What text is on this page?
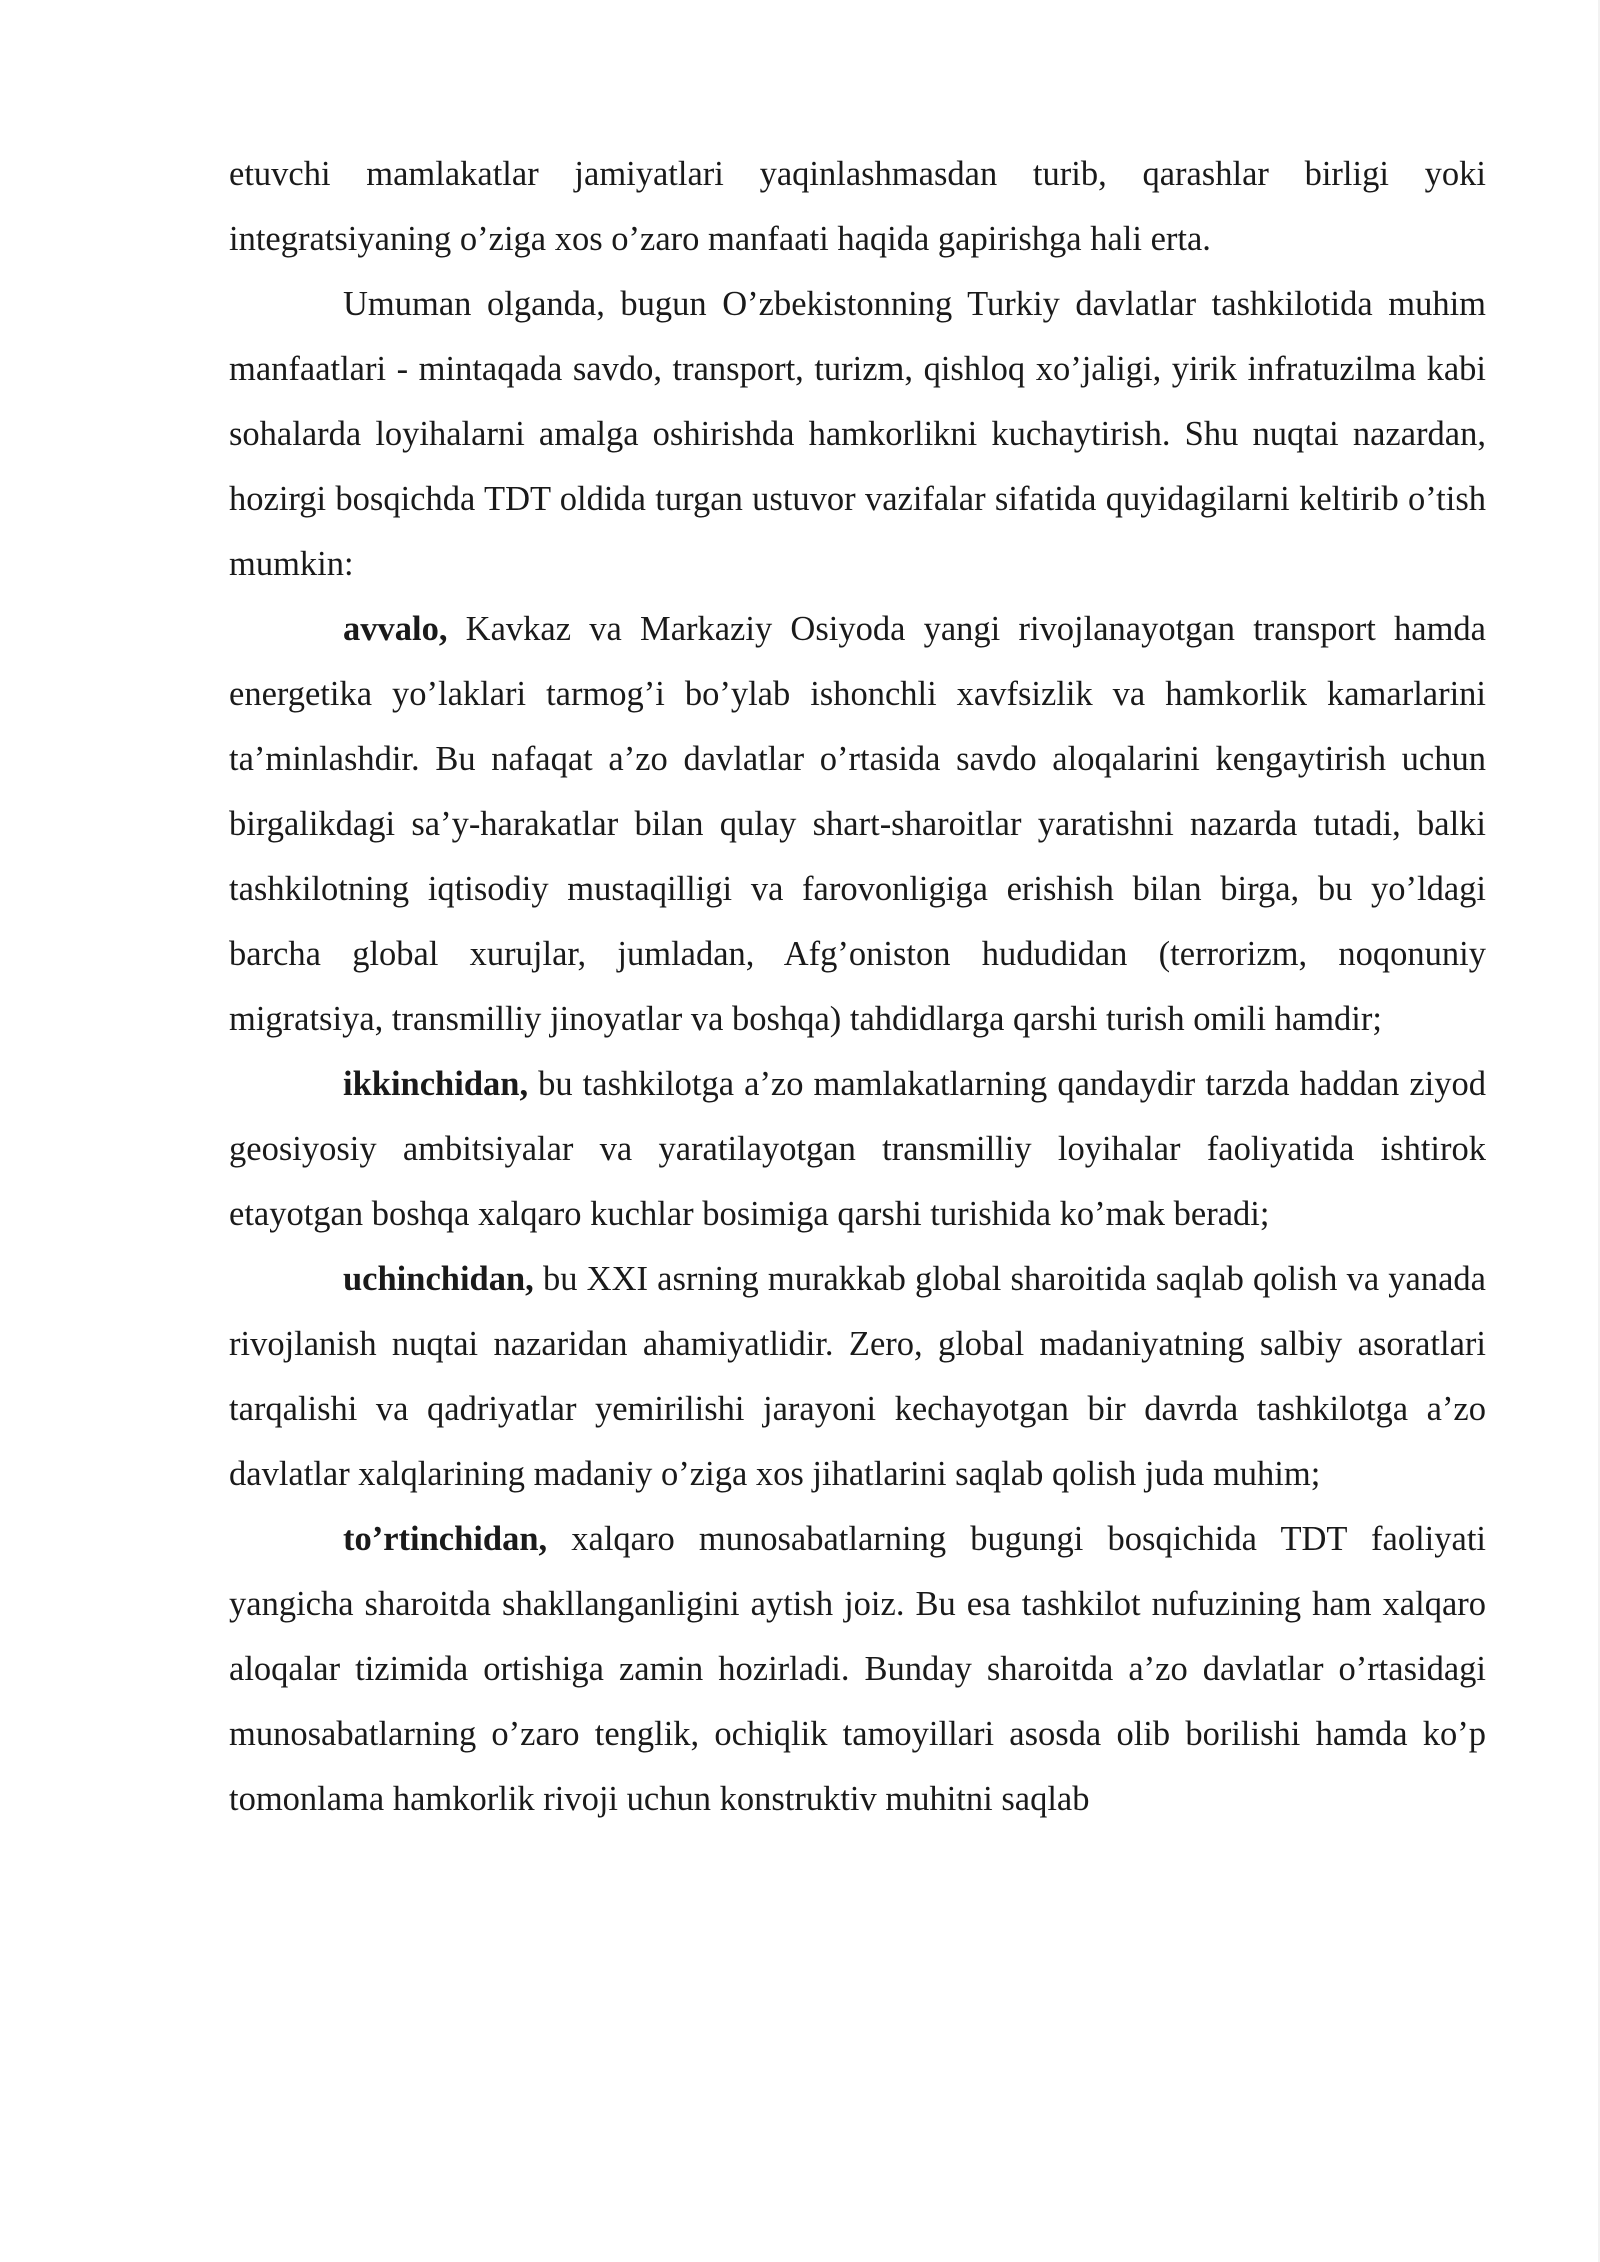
etuvchi mamlakatlar jamiyatlari yaqinlashmasdan turib, qarashlar birligi yoki integratsiyaning o’ziga xos o’zaro manfaati haqida gapirishga hali erta.

Umuman olganda, bugun O’zbekistonning Turkiy davlatlar tashkilotida muhim manfaatlari - mintaqada savdo, transport, turizm, qishloq xo’jaligi, yirik infratuzilma kabi sohalarda loyihalarni amalga oshirishda hamkorlikni kuchaytirish. Shu nuqtai nazardan, hozirgi bosqichda TDT oldida turgan ustuvor vazifalar sifatida quyidagilarni keltirib o’tish mumkin:

avvalo, Kavkaz va Markaziy Osiyoda yangi rivojlanayotgan transport hamda energetika yo’laklari tarmog’i bo’ylab ishonchli xavfsizlik va hamkorlik kamarlarini ta’minlashdir. Bu nafaqat a’zo davlatlar o’rtasida savdo aloqalarini kengaytirish uchun birgalikdagi sa’y-harakatlar bilan qulay shart-sharoitlar yaratishni nazarda tutadi, balki tashkilotning iqtisodiy mustaqilligi va farovonligiga erishish bilan birga, bu yo’ldagi barcha global xurujlar, jumladan, Afg’oniston hududidan (terrorizm, noqonuniy migratsiya, transmilliy jinoyatlar va boshqa) tahdidlarga qarshi turish omili hamdir;

ikkinchidan, bu tashkilotga a’zo mamlakatlarning qandaydir tarzda haddan ziyod geosiyosiy ambitsiyalar va yaratilayotgan transmilliy loyihalar faoliyatida ishtirok etayotgan boshqa xalqaro kuchlar bosimiga qarshi turishida ko’mak beradi;

uchinchidan, bu XXI asrning murakkab global sharoitida saqlab qolish va yanada rivojlanish nuqtai nazaridan ahamiyatlidir. Zero, global madaniyatning salbiy asoratlari tarqalishi va qadriyatlar yemirilishi jarayoni kechayotgan bir davrda tashkilotga a’zo davlatlar xalqlarining madaniy o’ziga xos jihatlarini saqlab qolish juda muhim;

to’rtinchidan, xalqaro munosabatlarning bugungi bosqichida TDT faoliyati yangicha sharoitda shakllanganligini aytish joiz. Bu esa tashkilot nufuzining ham xalqaro aloqalar tizimida ortishiga zamin hozirladi. Bunday sharoitda a’zo davlatlar o’rtasidagi munosabatlarning o’zaro tenglik, ochiqlik tamoyillari asosda olib borilishi hamda ko’p tomonlama hamkorlik rivoji uchun konstruktiv muhitni saqlab
